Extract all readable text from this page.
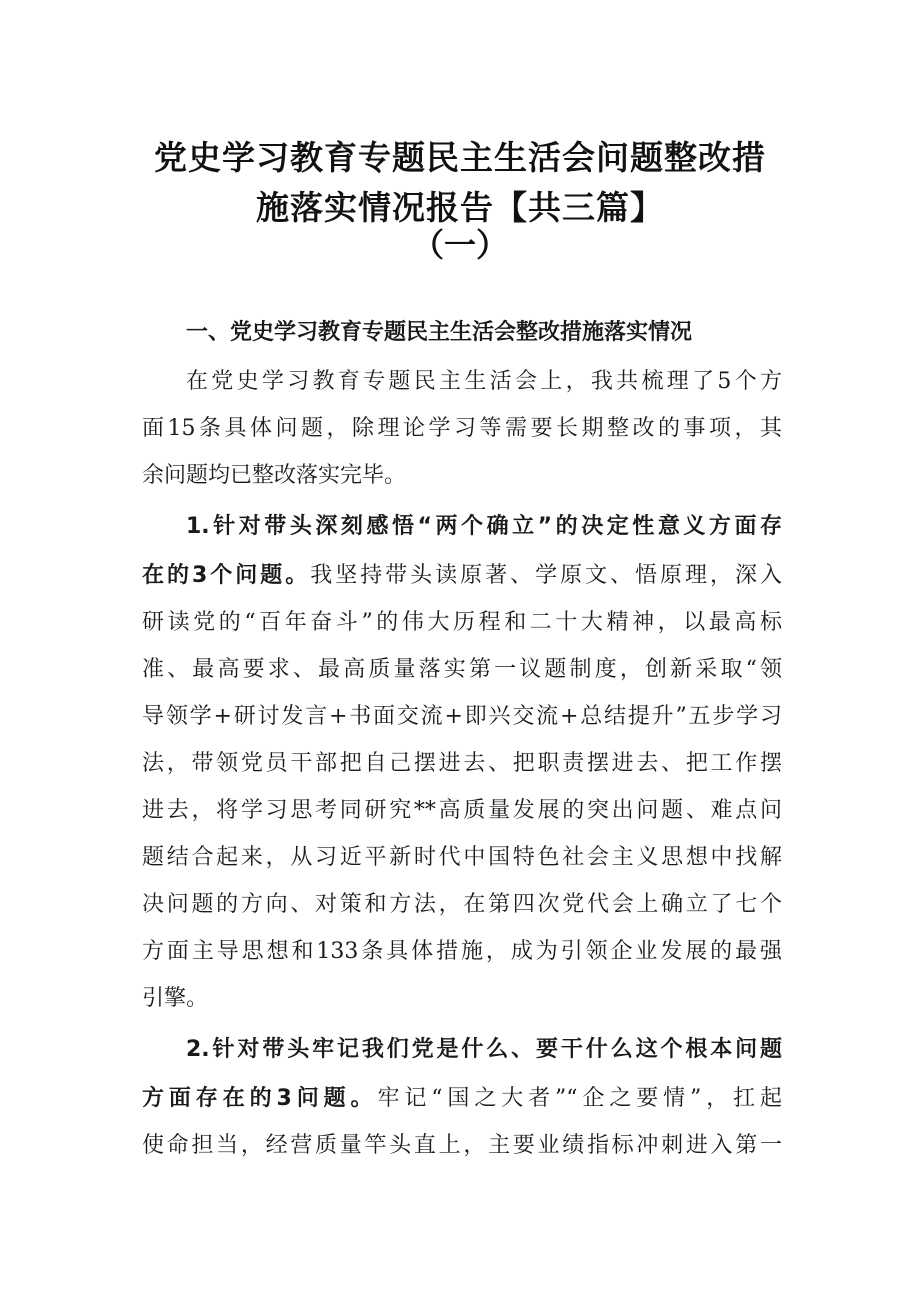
党史学习教育专题民主生活会问题整改措
施落实情况报告【共三篇】
（一）
一、党史学习教育专题民主生活会整改措施落实情况
在党史学习教育专题民主生活会上，我共梳理了5个方
面15条具体问题，除理论学习等需要长期整改的事项，其
余问题均已整改落实完毕。
1.针对带头深刻感悟“两个确立”的决定性意义方面存
在的3个问题。我坚持带头读原著、学原文、悟原理，深入
研读党的“百年奋斗”的伟大历程和二十大精神，以最高标
准、最高要求、最高质量落实第一议题制度，创新采取“领
导领学+研讨发言+书面交流+即兴交流+总结提升”五步学习
法，带领党员干部把自己摆进去、把职责摆进去、把工作摆
进去，将学习思考同研究**高质量发展的突出问题、难点问
题结合起来，从习近平新时代中国特色社会主义思想中找解
决问题的方向、对策和方法，在第四次党代会上确立了七个
方面主导思想和133条具体措施，成为引领企业发展的最强
引擎。
2.针对带头牢记我们党是什么、要干什么这个根本问题
方面存在的3问题。牢记“国之大者”“企之要情”，扛起
使命担当，经营质量竿头直上，主要业绩指标冲刺进入第一
